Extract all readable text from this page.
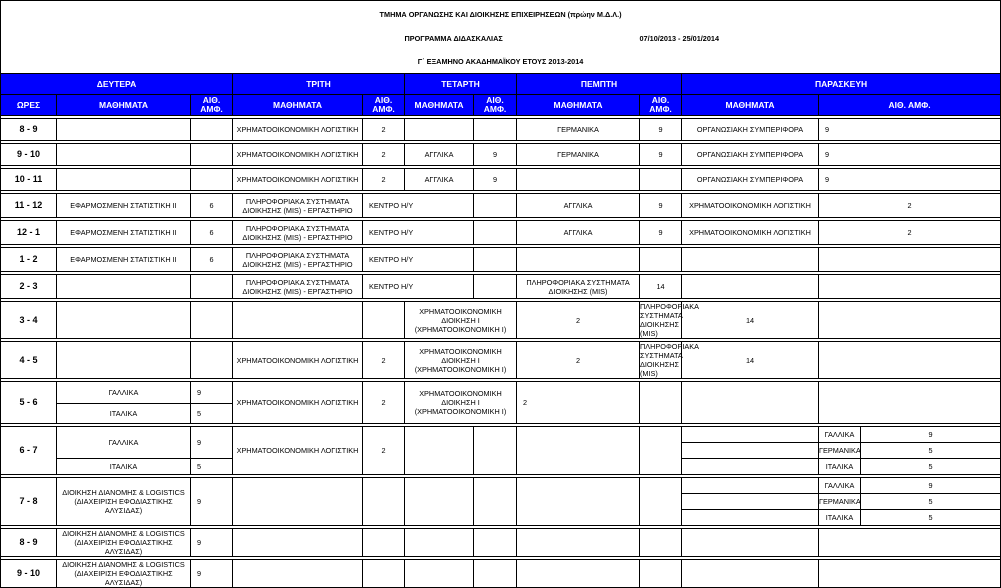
ΤΜΗΜΑ ΟΡΓΑΝΩΣΗΣ ΚΑΙ ΔΙΟΙΚΗΣΗΣ ΕΠΙΧΕΙΡΗΣΕΩΝ (πρώην Μ.Δ.Λ.)											
					ΠΡΟΓΡΑΜΜΑ ΔΙΔΑΣΚΑΛΙΑΣ			07/10/2013 - 25/01/2014			
Γ΄ ΕΞΑΜΗΝΟ ΑΚΑΔΗΜΑΪΚΟΥ ΕΤΟΥΣ 2013-2014											
ΔΕΥΤΕΡΑ			ΤΡΙΤΗ		ΤΕΤΑΡΤΗ		ΠΕΜΠΤΗ		ΠΑΡΑΣΚΕΥΗ		
ΩΡΕΣ	ΜΑΘΗΜΑΤΑ	ΑΙΘ. ΑΜΦ.	ΜΑΘΗΜΑΤΑ	ΑΙΘ. ΑΜΦ.	ΜΑΘΗΜΑΤΑ	ΑΙΘ. ΑΜΦ.	ΜΑΘΗΜΑΤΑ	ΑΙΘ. ΑΜΦ.	ΜΑΘΗΜΑΤΑ	ΑΙΘ. ΑΜΦ.	

8 - 9			ΧΡΗΜΑΤΟΟΙΚΟΝΟΜΙΚΗ ΛΟΓΙΣΤΙΚΗ	2			ΓΕΡΜΑΝΙΚΑ	9	ΟΡΓΑΝΩΣΙΑΚΗ ΣΥΜΠΕΡΙΦΟΡΑ	9	

9 - 10			ΧΡΗΜΑΤΟΟΙΚΟΝΟΜΙΚΗ ΛΟΓΙΣΤΙΚΗ	2	ΑΓΓΛΙΚΑ	9	ΓΕΡΜΑΝΙΚΑ	9	ΟΡΓΑΝΩΣΙΑΚΗ ΣΥΜΠΕΡΙΦΟΡΑ	9	

10 - 11			ΧΡΗΜΑΤΟΟΙΚΟΝΟΜΙΚΗ ΛΟΓΙΣΤΙΚΗ	2	ΑΓΓΛΙΚΑ	9			ΟΡΓΑΝΩΣΙΑΚΗ ΣΥΜΠΕΡΙΦΟΡΑ	9	

11 - 12	ΕΦΑΡΜΟΣΜΕΝΗ ΣΤΑΤΙΣΤΙΚΗ ΙΙ	6	ΠΛΗΡΟΦΟΡΙΑΚΑ ΣΥΣΤΗΜΑΤΑ
ΔΙΟΙΚΗΣΗΣ (MIS) - ΕΡΓΑΣΤΗΡΙΟ	ΚΕΝΤΡΟ Η/Υ			ΑΓΓΛΙΚΑ	9	ΧΡΗΜΑΤΟΟΙΚΟΝΟΜΙΚΗ ΛΟΓΙΣΤΙΚΗ	2	

12 - 1	ΕΦΑΡΜΟΣΜΕΝΗ ΣΤΑΤΙΣΤΙΚΗ ΙΙ	6	ΠΛΗΡΟΦΟΡΙΑΚΑ ΣΥΣΤΗΜΑΤΑ
ΔΙΟΙΚΗΣΗΣ (MIS) - ΕΡΓΑΣΤΗΡΙΟ	ΚΕΝΤΡΟ Η/Υ			ΑΓΓΛΙΚΑ	9	ΧΡΗΜΑΤΟΟΙΚΟΝΟΜΙΚΗ ΛΟΓΙΣΤΙΚΗ	2	

1 - 2	ΕΦΑΡΜΟΣΜΕΝΗ ΣΤΑΤΙΣΤΙΚΗ ΙΙ	6	ΠΛΗΡΟΦΟΡΙΑΚΑ ΣΥΣΤΗΜΑΤΑ
ΔΙΟΙΚΗΣΗΣ (MIS) - ΕΡΓΑΣΤΗΡΙΟ	ΚΕΝΤΡΟ Η/Υ							

2 - 3			ΠΛΗΡΟΦΟΡΙΑΚΑ ΣΥΣΤΗΜΑΤΑ
ΔΙΟΙΚΗΣΗΣ (MIS) - ΕΡΓΑΣΤΗΡΙΟ	ΚΕΝΤΡΟ Η/Υ			ΠΛΗΡΟΦΟΡΙΑΚΑ ΣΥΣΤΗΜΑΤΑ
ΔΙΟΙΚΗΣΗΣ (MIS)	14			

3 - 4					ΧΡΗΜΑΤΟΟΙΚΟΝΟΜΙΚΗ ΔΙΟΙΚΗΣΗ Ι
(ΧΡΗΜΑΤΟΟΙΚΟΝΟΜΙΚΗ Ι)		2	ΠΛΗΡΟΦΟΡΙΑΚΑ ΣΥΣΤΗΜΑΤΑ
ΔΙΟΙΚΗΣΗΣ (MIS)	14		

4 - 5			ΧΡΗΜΑΤΟΟΙΚΟΝΟΜΙΚΗ ΛΟΓΙΣΤΙΚΗ	2	ΧΡΗΜΑΤΟΟΙΚΟΝΟΜΙΚΗ ΔΙΟΙΚΗΣΗ Ι
(ΧΡΗΜΑΤΟΟΙΚΟΝΟΜΙΚΗ Ι)		2	ΠΛΗΡΟΦΟΡΙΑΚΑ ΣΥΣΤΗΜΑΤΑ
ΔΙΟΙΚΗΣΗΣ (MIS)	14		

5 - 6	ΓΑΛΛΙΚΑ	9	ΧΡΗΜΑΤΟΟΙΚΟΝΟΜΙΚΗ ΛΟΓΙΣΤΙΚΗ	2	ΧΡΗΜΑΤΟΟΙΚΟΝΟΜΙΚΗ ΔΙΟΙΚΗΣΗ Ι
(ΧΡΗΜΑΤΟΟΙΚΟΝΟΜΙΚΗ Ι)		2				
	ΙΤΑΛΙΚΑ	5									

6 - 7	ΓΑΛΛΙΚΑ	9	ΧΡΗΜΑΤΟΟΙΚΟΝΟΜΙΚΗ ΛΟΓΙΣΤΙΚΗ	2						ΓΑΛΛΙΚΑ	9
										ΓΕΡΜΑΝΙΚΑ	5
	ΙΤΑΛΙΚΑ	5								ΙΤΑΛΙΚΑ	5

7 - 8	ΔΙΟΙΚΗΣΗ ΔΙΑΝΟΜΗΣ & LOGISTICS
(ΔΙΑΧΕΙΡΙΣΗ ΕΦΟΔΙΑΣΤΙΚΗΣ
ΑΛΥΣΙΔΑΣ)	9								ΓΑΛΛΙΚΑ	9
										ΓΕΡΜΑΝΙΚΑ	5
										ΙΤΑΛΙΚΑ	5

8 - 9	ΔΙΟΙΚΗΣΗ ΔΙΑΝΟΜΗΣ & LOGISTICS
(ΔΙΑΧΕΙΡΙΣΗ ΕΦΟΔΙΑΣΤΙΚΗΣ
ΑΛΥΣΙΔΑΣ)	9									

9 - 10	ΔΙΟΙΚΗΣΗ ΔΙΑΝΟΜΗΣ & LOGISTICS
(ΔΙΑΧΕΙΡΙΣΗ ΕΦΟΔΙΑΣΤΙΚΗΣ
ΑΛΥΣΙΔΑΣ)	9									
